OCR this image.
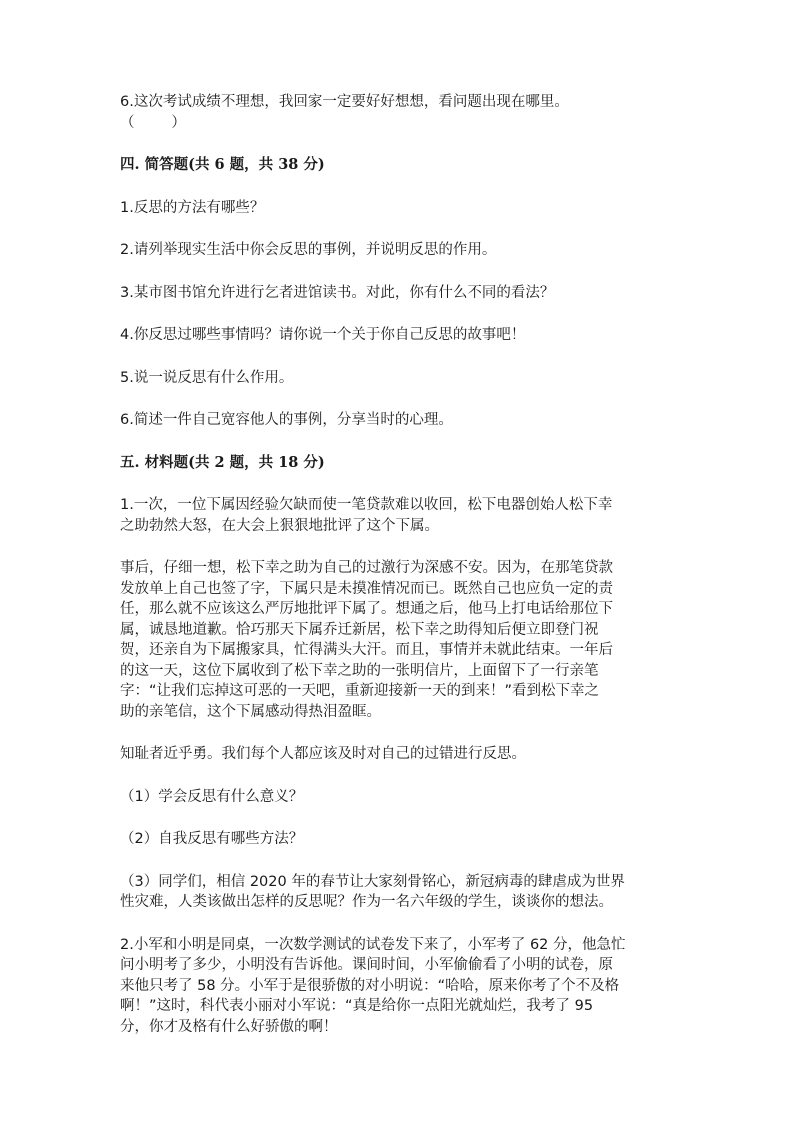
6.这次考试成绩不理想，我回家一定要好好想想，看问题出现在哪里。

（        ）

四. 简答题(共 6 题，共 38 分)

1.反思的方法有哪些？

2.请列举现实生活中你会反思的事例，并说明反思的作用。

3.某市图书馆允许进行乞者进馆读书。对此，你有什么不同的看法？

4.你反思过哪些事情吗？请你说一个关于你自己反思的故事吧！

5.说一说反思有什么作用。

6.简述一件自己宽容他人的事例，分享当时的心理。

五. 材料题(共 2 题，共 18 分)

1.一次，一位下属因经验欠缺而使一笔贷款难以收回，松下电器创始人松下幸

之助勃然大怒，在大会上狠狠地批评了这个下属。

事后，仔细一想，松下幸之助为自己的过激行为深感不安。因为，在那笔贷款

发放单上自己也签了字，下属只是未摸准情况而已。既然自己也应负一定的责

任，那么就不应该这么严厉地批评下属了。想通之后，他马上打电话给那位下

属，诚恳地道歉。恰巧那天下属乔迁新居，松下幸之助得知后便立即登门祝

贺，还亲自为下属搬家具，忙得满头大汗。而且，事情并未就此结束。一年后

的这一天，这位下属收到了松下幸之助的一张明信片，上面留下了一行亲笔

字：“让我们忘掉这可恶的一天吧，重新迎接新一天的到来！”看到松下幸之

助的亲笔信，这个下属感动得热泪盈眶。

知耻者近乎勇。我们每个人都应该及时对自己的过错进行反思。

（1）学会反思有什么意义？

（2）自我反思有哪些方法？

（3）同学们，相信 2020 年的春节让大家刻骨铭心，新冠病毒的肆虐成为世界

性灾难，人类该做出怎样的反思呢？作为一名六年级的学生，谈谈你的想法。

2.小军和小明是同桌，一次数学测试的试卷发下来了，小军考了 62 分，他急忙

问小明考了多少，小明没有告诉他。课间时间，小军偷偷看了小明的试卷，原

来他只考了 58 分。小军于是很骄傲的对小明说：“哈哈，原来你考了个不及格

啊！”这时，科代表小丽对小军说：“真是给你一点阳光就灿烂，我考了 95

分，你才及格有什么好骄傲的啊！
